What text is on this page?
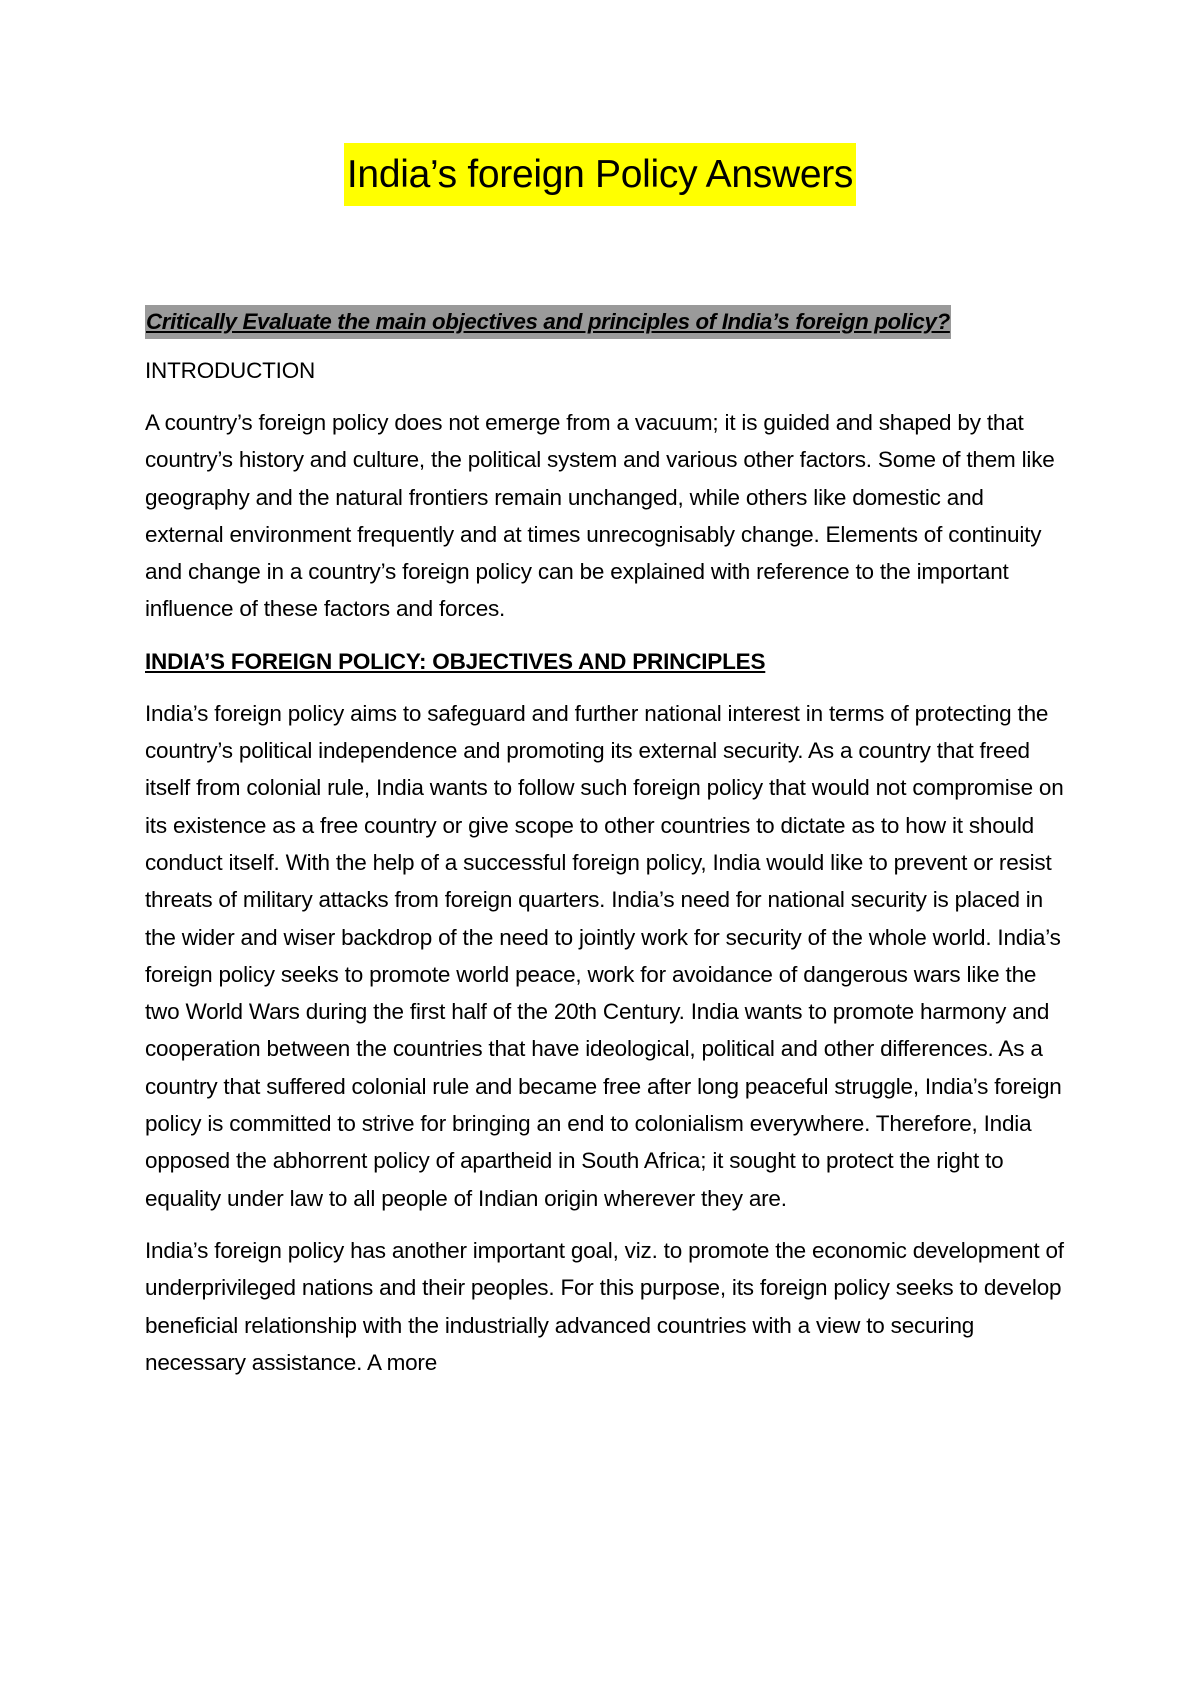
India’s foreign Policy Answers
Critically Evaluate the main objectives and principles of India’s foreign policy?
INTRODUCTION

A country’s foreign policy does not emerge from a vacuum; it is guided and shaped by that country’s history and culture, the political system and various other factors. Some of them like geography and the natural frontiers remain unchanged, while others like domestic and external environment frequently and at times unrecognisably change. Elements of continuity and change in a country’s foreign policy can be explained with reference to the important influence of these factors and forces.

INDIA’S FOREIGN POLICY: OBJECTIVES AND PRINCIPLES

India’s foreign policy aims to safeguard and further national interest in terms of protecting the country’s political independence and promoting its external security. As a country that freed itself from colonial rule, India wants to follow such foreign policy that would not compromise on its existence as a free country or give scope to other countries to dictate as to how it should conduct itself. With the help of a successful foreign policy, India would like to prevent or resist threats of military attacks from foreign quarters. India’s need for national security is placed in the wider and wiser backdrop of the need to jointly work for security of the whole world. India’s foreign policy seeks to promote world peace, work for avoidance of dangerous wars like the two World Wars during the first half of the 20th Century. India wants to promote harmony and cooperation between the countries that have ideological, political and other differences. As a country that suffered colonial rule and became free after long peaceful struggle, India’s foreign policy is committed to strive for bringing an end to colonialism everywhere. Therefore, India opposed the abhorrent policy of apartheid in South Africa; it sought to protect the right to equality under law to all people of Indian origin wherever they are.

India’s foreign policy has another important goal, viz. to promote the economic development of underprivileged nations and their peoples. For this purpose, its foreign policy seeks to develop beneficial relationship with the industrially advanced countries with a view to securing necessary assistance. A more
